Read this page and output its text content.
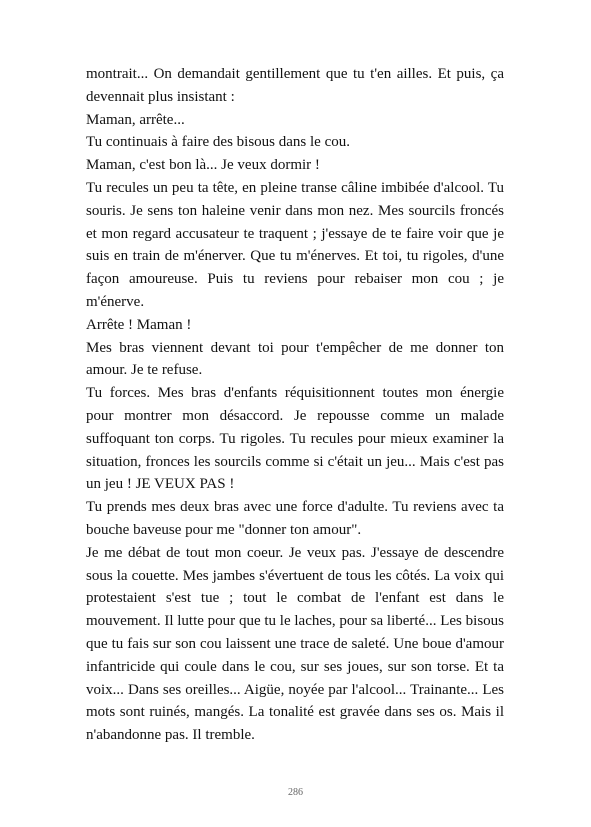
montrait... On demandait gentillement que tu t'en ailles. Et puis, ça devennait plus insistant :

Maman, arrête...

Tu continuais à faire des bisous dans le cou.

Maman, c'est bon là... Je veux dormir !

Tu recules un peu ta tête, en pleine transe câline imbibée d'alcool. Tu souris. Je sens ton haleine venir dans mon nez. Mes sourcils froncés et mon regard accusateur te traquent ; j'essaye de te faire voir que je suis en train de m'énerver. Que tu m'énerves. Et toi, tu rigoles, d'une façon amoureuse. Puis tu reviens pour rebaiser mon cou ; je m'énerve.

Arrête ! Maman !

Mes bras viennent devant toi pour t'empêcher de me donner ton amour. Je te refuse.

Tu forces. Mes bras d'enfants réquisitionnent toutes mon énergie pour montrer mon désaccord. Je repousse comme un malade suffoquant ton corps. Tu rigoles. Tu recules pour mieux examiner la situation, fronces les sourcils comme si c'était un jeu... Mais c'est pas un jeu ! JE VEUX PAS !

Tu prends mes deux bras avec une force d'adulte. Tu reviens avec ta bouche baveuse pour me "donner ton amour".

Je me débat de tout mon coeur. Je veux pas. J'essaye de descendre sous la couette. Mes jambes s'évertuent de tous les côtés. La voix qui protestaient s'est tue ; tout le combat de l'enfant est dans le mouvement. Il lutte pour que tu le laches, pour sa liberté... Les bisous que tu fais sur son cou laissent une trace de saleté. Une boue d'amour infantricide qui coule dans le cou, sur ses joues, sur son torse. Et ta voix... Dans ses oreilles... Aigüe, noyée par l'alcool... Trainante... Les mots sont ruinés, mangés. La tonalité est gravée dans ses os. Mais il n'abandonne pas. Il tremble.

286
